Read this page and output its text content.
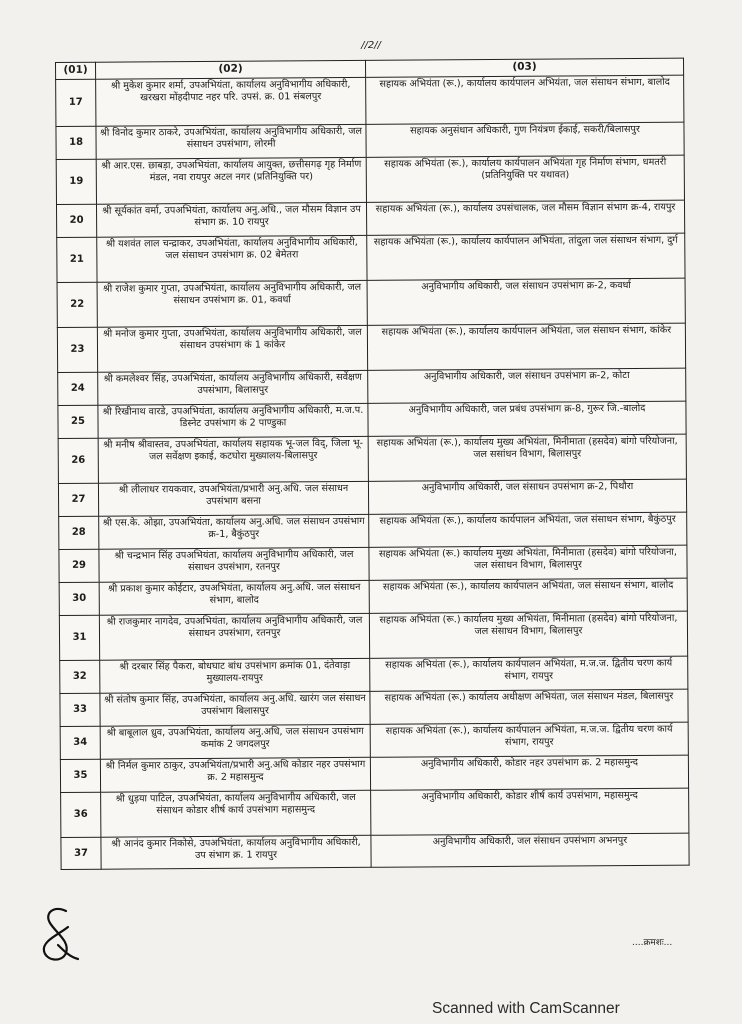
//2//
(01)	(02)	(03)
17	श्री मुकेश कुमार शर्मा, उपअभियंता, कार्यालय अनुविभागीय अधिकारी, खरखरा मोंहदीपाट नहर परि. उपसं. क्र. 01 संबलपुर	सहायक अभियंता (रू.), कार्यालय कार्यपालन अभियंता, जल संसाधन संभाग, बालोद
18	श्री विनोद कुमार ठाकरे, उपअभियंता, कार्यालय अनुविभागीय अधिकारी, जल संसाधन उपसंभाग, लोरमी	सहायक अनुसंधान अधिकारी, गुण नियंत्रण ईकाई, सकरी/बिलासपुर
19	श्री आर.एस. छाबड़ा, उपअभियंता, कार्यालय आयुक्त, छत्तीसगढ़ गृह निर्माण मंडल, नवा रायपुर अटल नगर (प्रतिनियुक्ति पर)	सहायक अभियंता (रू.), कार्यालय कार्यपालन अभियंता गृह निर्माण संभाग, धमतरी (प्रतिनियुक्ति पर यथावत)
20	श्री सूर्यकांत वर्मा, उपअभियंता, कार्यालय अनु.अधि., जल मौसम विज्ञान उप संभाग क्र. 10 रायपुर	सहायक अभियंता (रू.), कार्यालय उपसंचालक, जल मौसम विज्ञान संभाग क्र-4, रायपुर
21	श्री यशवंत लाल चन्द्राकर, उपअभियंता, कार्यालय अनुविभागीय अधिकारी, जल संसाधन उपसंभाग क्र. 02 बेमेतरा	सहायक अभियंता (रू.), कार्यालय कार्यपालन अभियंता, तांदुला जल संसाधन संभाग, दुर्ग
22	श्री राजेश कुमार गुप्ता, उपअभियंता, कार्यालय अनुविभागीय अधिकारी, जल संसाधन उपसंभाग क्र. 01, कवर्धा	अनुविभागीय अधिकारी, जल संसाधन उपसंभाग क्र-2, कवर्धा
23	श्री मनोज कुमार गुप्ता, उपअभियंता, कार्यालय अनुविभागीय अधिकारी, जल संसाधन उपसंभाग कं 1 कांकेर	सहायक अभियंता (रू.), कार्यालय कार्यपालन अभियंता, जल संसाधन संभाग, कांकेर
24	श्री कमलेश्वर सिंह, उपअभियंता, कार्यालय अनुविभागीय अधिकारी, सर्वेक्षण उपसंभाग, बिलासपुर	अनुविभागीय अधिकारी, जल संसाधन उपसंभाग क्र-2, कोटा
25	श्री रिखीनाथ वारडे, उपअभियंता, कार्यालय अनुविभागीय अधिकारी, म.ज.प. डिस्नेट उपसंभाग कं 2 पाण्डुका	अनुविभागीय अधिकारी, जल प्रबंध उपसंभाग क्र-8, गुरूर जि.-बालोद
26	श्री मनीष श्रीवास्तव, उपअभियंता, कार्यालय सहायक भू-जल विद्, जिला भू-जल सर्वेक्षण इकाई, कटघोरा मुख्यालय-बिलासपुर	सहायक अभियंता (रू.), कार्यालय मुख्य अभियंता, मिनीमाता (हसदेव) बांगो परियोजना, जल ससांधन विभाग, बिलासपुर
27	श्री लीलाधर रायकवार, उपअभियंता/प्रभारी अनु.अधि. जल संसाधन उपसंभाग बसना	अनुविभागीय अधिकारी, जल संसाधन उपसंभाग क्र-2, पिथौरा
28	श्री एस.के. ओझा, उपअभियंता, कार्यालय अनु.अधि. जल संसाधन उपसंभाग क्र-1, बैकुंठपुर	सहायक अभियंता (रू.), कार्यालय कार्यपालन अभियंता, जल संसाधन संभाग, बैकुंठपुर
29	श्री चन्द्रभान सिंह उपअभियंता, कार्यालय अनुविभागीय अधिकारी, जल संसाधन उपसंभाग, रतनपुर	सहायक अभियंता (रू.) कार्यालय मुख्य अभियंता, मिनीमाता (हसदेव) बांगो परियोजना, जल संसाधन विभाग, बिलासपुर
30	श्री प्रकाश कुमार कोईटार, उपअभियंता, कार्यालय अनु.अधि. जल संसाधन संभाग, बालोद	सहायक अभियंता (रू.), कार्यालय कार्यपालन अभियंता, जल संसाधन संभाग, बालोद
31	श्री राजकुमार नागदेव, उपअभियंता, कार्यालय अनुविभागीय अधिकारी, जल संसाधन उपसंभाग, रतनपुर	सहायक अभियंता (रू.) कार्यालय मुख्य अभियंता, मिनीमाता (हसदेव) बांगो परियोजना, जल संसाधन विभाग, बिलासपुर
32	श्री दरबार सिंह पैकरा, बोधघाट बांध उपसंभाग क्रमांक 01, दंतेवाड़ा मुख्यालय-रायपुर	सहायक अभियंता (रू.), कार्यालय कार्यपालन अभियंता, म.ज.ज. द्वितीय चरण कार्य संभाग, रायपुर
33	श्री संतोष कुमार सिंह, उपअभियंता, कार्यालय अनु.अधि. खारंग जल संसाधन उपसंभाग बिलासपुर	सहायक अभियंता (रू.) कार्यालय अधीक्षण अभियंता, जल संसाधन मंडल, बिलासपुर
34	श्री बाबूलाल ध्रुव, उपअभियंता, कार्यालय अनु.अधि, जल संसाधन उपसंभाग कमांक 2 जगदलपुर	सहायक अभियंता (रू.), कार्यालय कार्यपालन अभियंता, म.ज.ज. द्वितीय चरण कार्य संभाग, रायपुर
35	श्री निर्मल कुमार ठाकुर, उपअभियंता/प्रभारी अनु.अधि कोडार नहर उपसंभाग क्र. 2 महासमुन्द	अनुविभागीय अधिकारी, कोडार नहर उपसंभाग क्र. 2 महासमुन्द
36	श्री धुड़या पाटिल, उपअभियंता, कार्यालय अनुविभागीय अधिकारी, जल संसाधन कोडार शीर्ष कार्य उपसंभाग महासमुन्द	अनुविभागीय अधिकारी, कोडार शीर्ष कार्य उपसंभाग, महासमुन्द
37	श्री आनंद कुमार निकोसे, उपअभियंता, कार्यालय अनुविभागीय अधिकारी, उप संभाग क्र. 1 रायपुर	अनुविभागीय अधिकारी, जल संसाधन उपसंभाग अभनपुर
....क्रमशः...
Scanned with CamScanner
